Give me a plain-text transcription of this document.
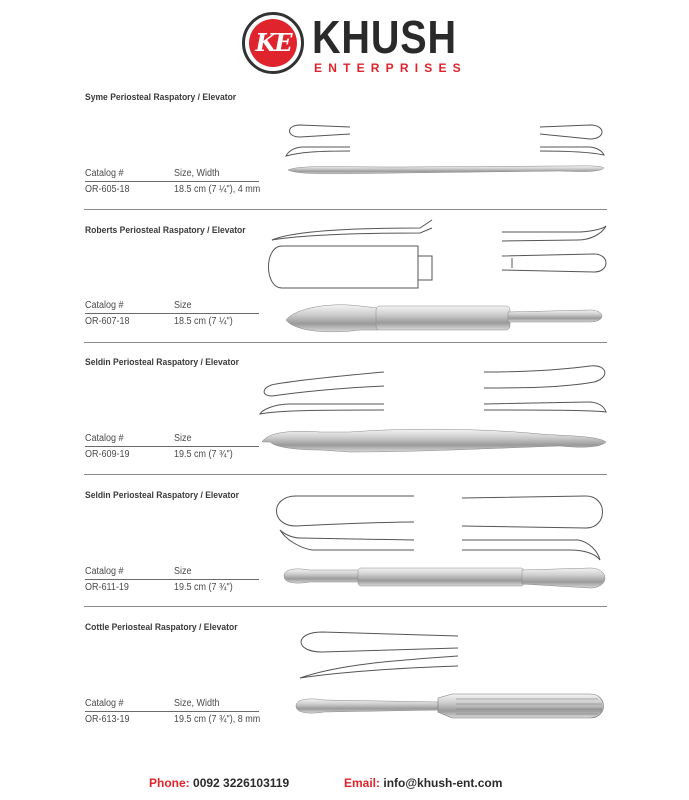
KE KHUSH
ENTERPRISES
Syme Periosteal Raspatory / Elevator
Catalog #	Size, Width
OR-605-18	18.5 cm (7 ¼"), 4 mm
Roberts Periosteal Raspatory / Elevator
Catalog #	Size
OR-607-18	18.5 cm (7 ¼")
Seldin Periosteal Raspatory / Elevator
Catalog #	Size
OR-609-19	19.5 cm (7 ¾")
Seldin Periosteal Raspatory / Elevator
Catalog #	Size
OR-611-19	19.5 cm (7 ¾")
Cottle Periosteal Raspatory / Elevator
Catalog #	Size, Width
OR-613-19	19.5 cm (7 ¾"), 8 mm
Phone: 0092 3226103119	Email: info@khush-ent.com
